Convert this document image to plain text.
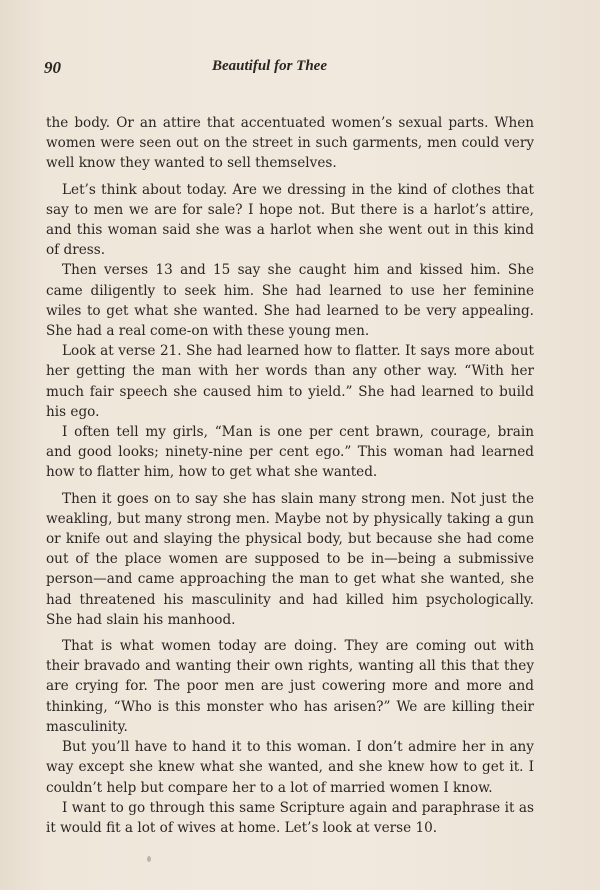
90	Beautiful for Thee

the body. Or an attire that accentuated women’s sexual parts. When women were seen out on the street in such garments, men could very well know they wanted to sell themselves.

Let’s think about today. Are we dressing in the kind of clothes that say to men we are for sale? I hope not. But there is a harlot’s attire, and this woman said she was a harlot when she went out in this kind of dress.

Then verses 13 and 15 say she caught him and kissed him. She came diligently to seek him. She had learned to use her feminine wiles to get what she wanted. She had learned to be very appealing. She had a real come-on with these young men.

Look at verse 21. She had learned how to flatter. It says more about her getting the man with her words than any other way. “With her much fair speech she caused him to yield.” She had learned to build his ego.

I often tell my girls, “Man is one per cent brawn, courage, brain and good looks; ninety-nine per cent ego.” This woman had learned how to flatter him, how to get what she wanted.

Then it goes on to say she has slain many strong men. Not just the weakling, but many strong men. Maybe not by physically taking a gun or knife out and slaying the physical body, but because she had come out of the place women are supposed to be in—being a submissive person—and came approaching the man to get what she wanted, she had threatened his masculinity and had killed him psychologically. She had slain his manhood.

That is what women today are doing. They are coming out with their bravado and wanting their own rights, wanting all this that they are crying for. The poor men are just cowering more and more and thinking, “Who is this monster who has arisen?” We are killing their masculinity.

But you’ll have to hand it to this woman. I don’t admire her in any way except she knew what she wanted, and she knew how to get it. I couldn’t help but compare her to a lot of married women I know.

I want to go through this same Scripture again and paraphrase it as it would fit a lot of wives at home. Let’s look at verse 10.
